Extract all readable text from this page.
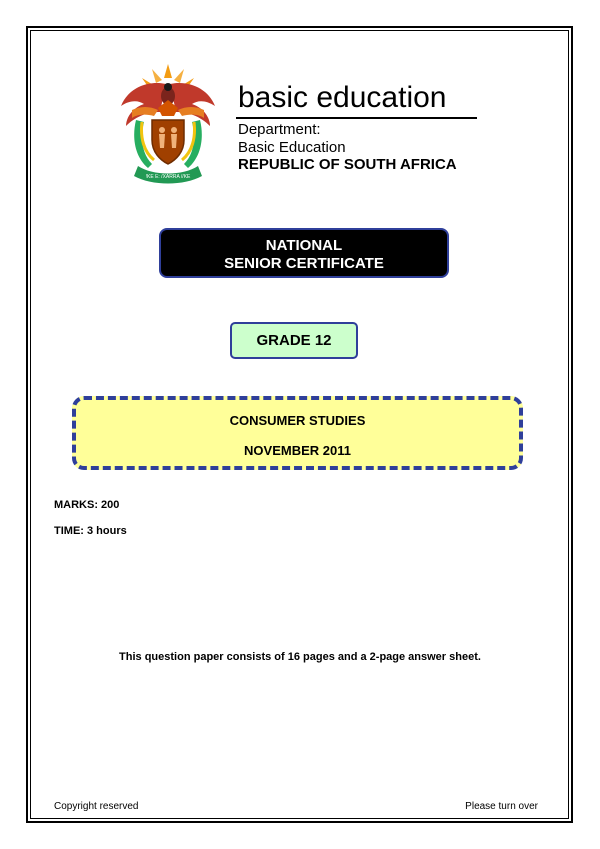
!KE E: /XARRA //KE
basic education
Department:
Basic Education
REPUBLIC OF SOUTH AFRICA
NATIONAL
SENIOR CERTIFICATE
GRADE 12
CONSUMER STUDIES
NOVEMBER 2011
MARKS: 200
TIME: 3 hours
This question paper consists of 16 pages and a 2-page answer sheet.
Copyright reserved	Please turn over
